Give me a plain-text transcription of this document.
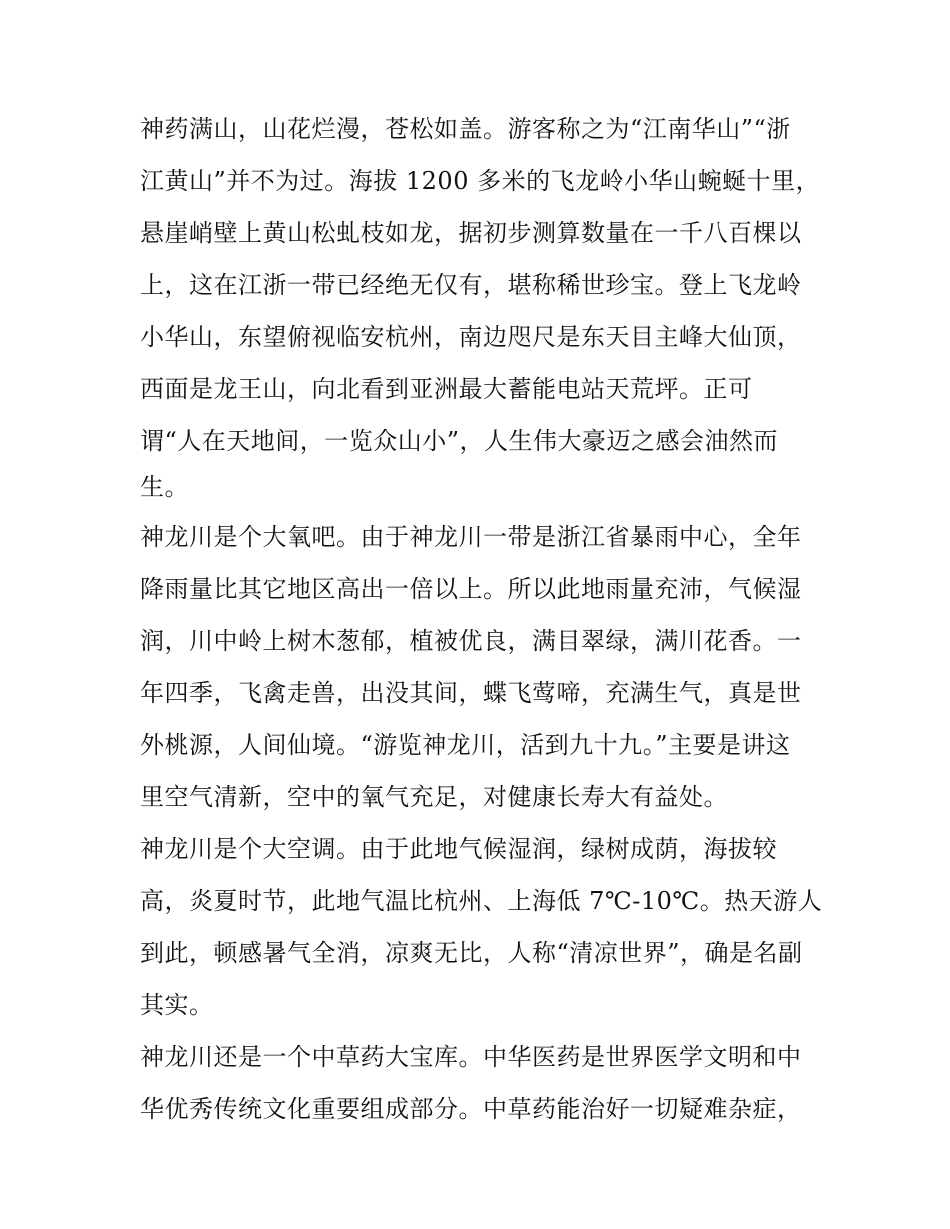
神药满山，山花烂漫，苍松如盖。游客称之为“江南华山”“浙
江黄山”并不为过。海拔 1200 多米的飞龙岭小华山蜿蜒十里，
悬崖峭壁上黄山松虬枝如龙，据初步测算数量在一千八百棵以
上，这在江浙一带已经绝无仅有，堪称稀世珍宝。登上飞龙岭
小华山，东望俯视临安杭州，南边咫尺是东天目主峰大仙顶，
西面是龙王山，向北看到亚洲最大蓄能电站天荒坪。正可
谓“人在天地间，一览众山小”，人生伟大豪迈之感会油然而
生。
神龙川是个大氧吧。由于神龙川一带是浙江省暴雨中心，全年
降雨量比其它地区高出一倍以上。所以此地雨量充沛，气候湿
润，川中岭上树木葱郁，植被优良，满目翠绿，满川花香。一
年四季，飞禽走兽，出没其间，蝶飞莺啼，充满生气，真是世
外桃源，人间仙境。“游览神龙川，活到九十九。”主要是讲这
里空气清新，空中的氧气充足，对健康长寿大有益处。
神龙川是个大空调。由于此地气候湿润，绿树成荫，海拔较
高，炎夏时节，此地气温比杭州、上海低 7℃-10℃。热天游人
到此，顿感暑气全消，凉爽无比，人称“清凉世界”，确是名副
其实。
神龙川还是一个中草药大宝库。中华医药是世界医学文明和中
华优秀传统文化重要组成部分。中草药能治好一切疑难杂症，
